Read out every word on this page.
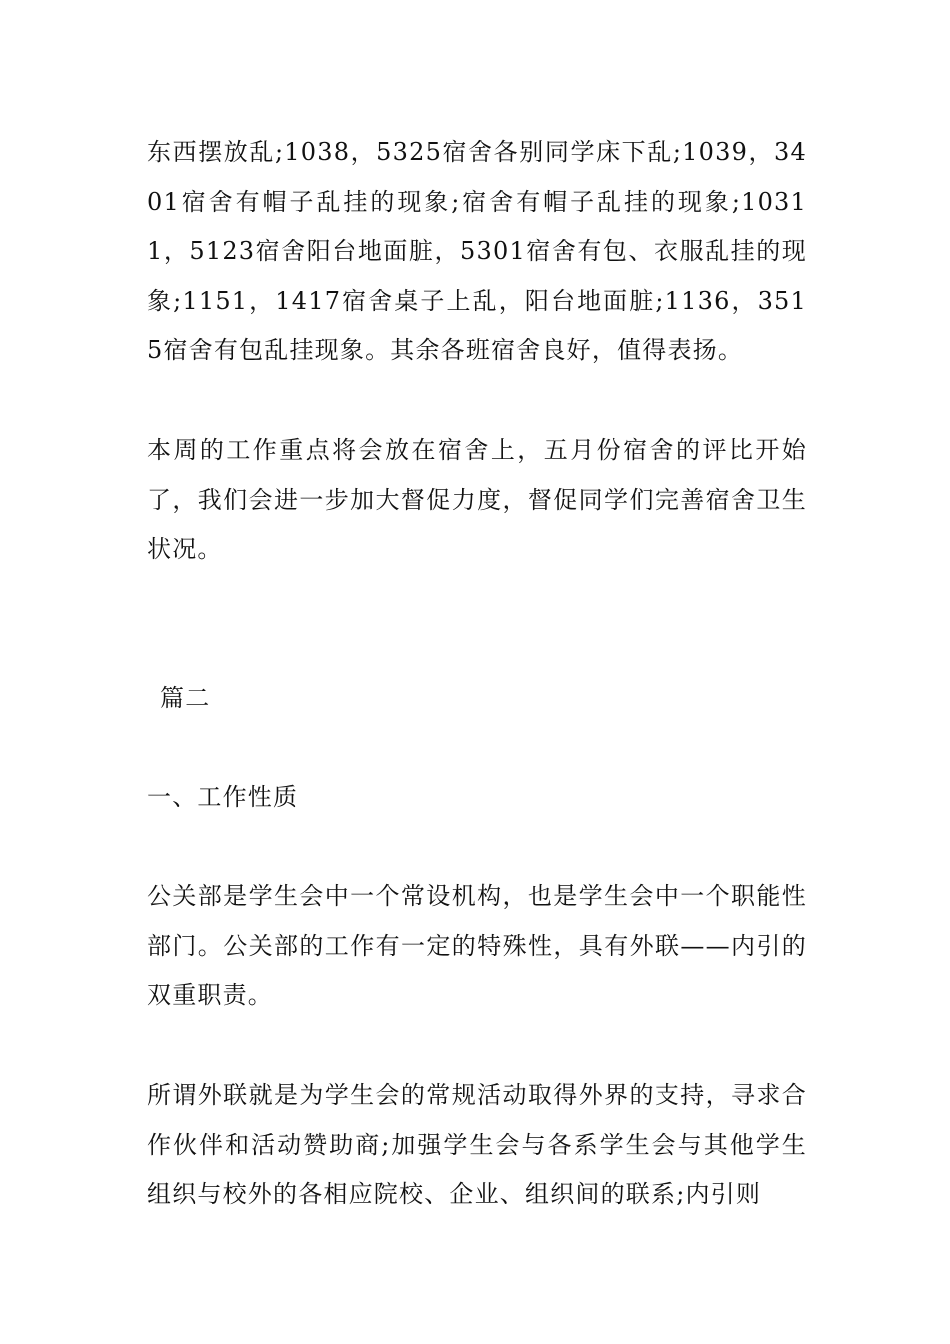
东西摆放乱;1038，5325宿舍各别同学床下乱;1039，3401宿舍有帽子乱挂的现象;宿舍有帽子乱挂的现象;10311，5123宿舍阳台地面脏，5301宿舍有包、衣服乱挂的现象;1151，1417宿舍桌子上乱，阳台地面脏;1136，3515宿舍有包乱挂现象。其余各班宿舍良好，值得表扬。

本周的工作重点将会放在宿舍上，五月份宿舍的评比开始了，我们会进一步加大督促力度，督促同学们完善宿舍卫生状况。

篇二

一、工作性质

公关部是学生会中一个常设机构，也是学生会中一个职能性部门。公关部的工作有一定的特殊性，具有外联——内引的双重职责。

所谓外联就是为学生会的常规活动取得外界的支持，寻求合作伙伴和活动赞助商;加强学生会与各系学生会与其他学生组织与校外的各相应院校、企业、组织间的联系;内引则
